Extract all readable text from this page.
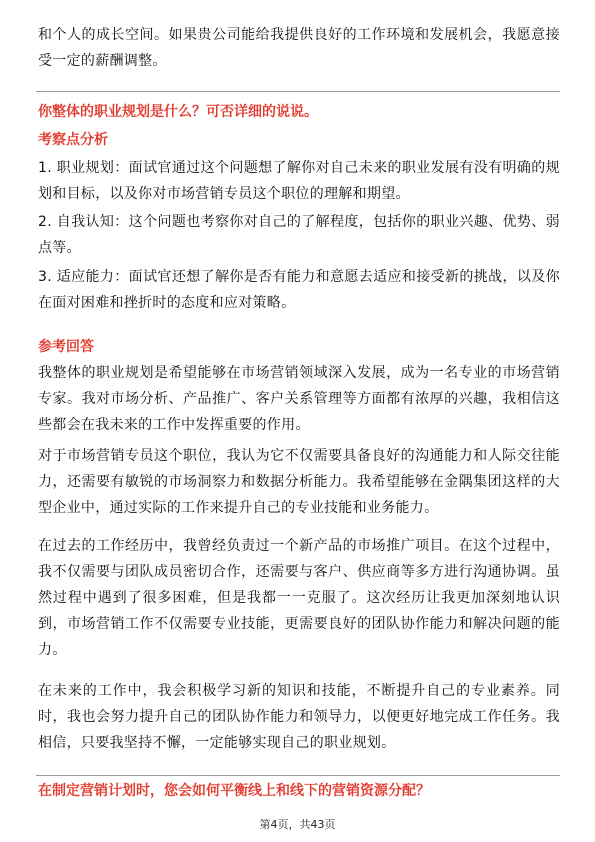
和个人的成长空间。如果贵公司能给我提供良好的工作环境和发展机会，我愿意接受一定的薪酬调整。
你整体的职业规划是什么？可否详细的说说。
考察点分析
1. 职业规划：面试官通过这个问题想了解你对自己未来的职业发展有没有明确的规划和目标，以及你对市场营销专员这个职位的理解和期望。
2. 自我认知：这个问题也考察你对自己的了解程度，包括你的职业兴趣、优势、弱点等。
3. 适应能力：面试官还想了解你是否有能力和意愿去适应和接受新的挑战，以及你在面对困难和挫折时的态度和应对策略。
参考回答
我整体的职业规划是希望能够在市场营销领域深入发展，成为一名专业的市场营销专家。我对市场分析、产品推广、客户关系管理等方面都有浓厚的兴趣，我相信这些都会在我未来的工作中发挥重要的作用。
对于市场营销专员这个职位，我认为它不仅需要具备良好的沟通能力和人际交往能力，还需要有敏锐的市场洞察力和数据分析能力。我希望能够在金隅集团这样的大型企业中，通过实际的工作来提升自己的专业技能和业务能力。
在过去的工作经历中，我曾经负责过一个新产品的市场推广项目。在这个过程中，我不仅需要与团队成员密切合作，还需要与客户、供应商等多方进行沟通协调。虽然过程中遇到了很多困难，但是我都一一克服了。这次经历让我更加深刻地认识到，市场营销工作不仅需要专业技能，更需要良好的团队协作能力和解决问题的能力。
在未来的工作中，我会积极学习新的知识和技能，不断提升自己的专业素养。同时，我也会努力提升自己的团队协作能力和领导力，以便更好地完成工作任务。我相信，只要我坚持不懈，一定能够实现自己的职业规划。
在制定营销计划时，您会如何平衡线上和线下的营销资源分配？
第4页，共43页
